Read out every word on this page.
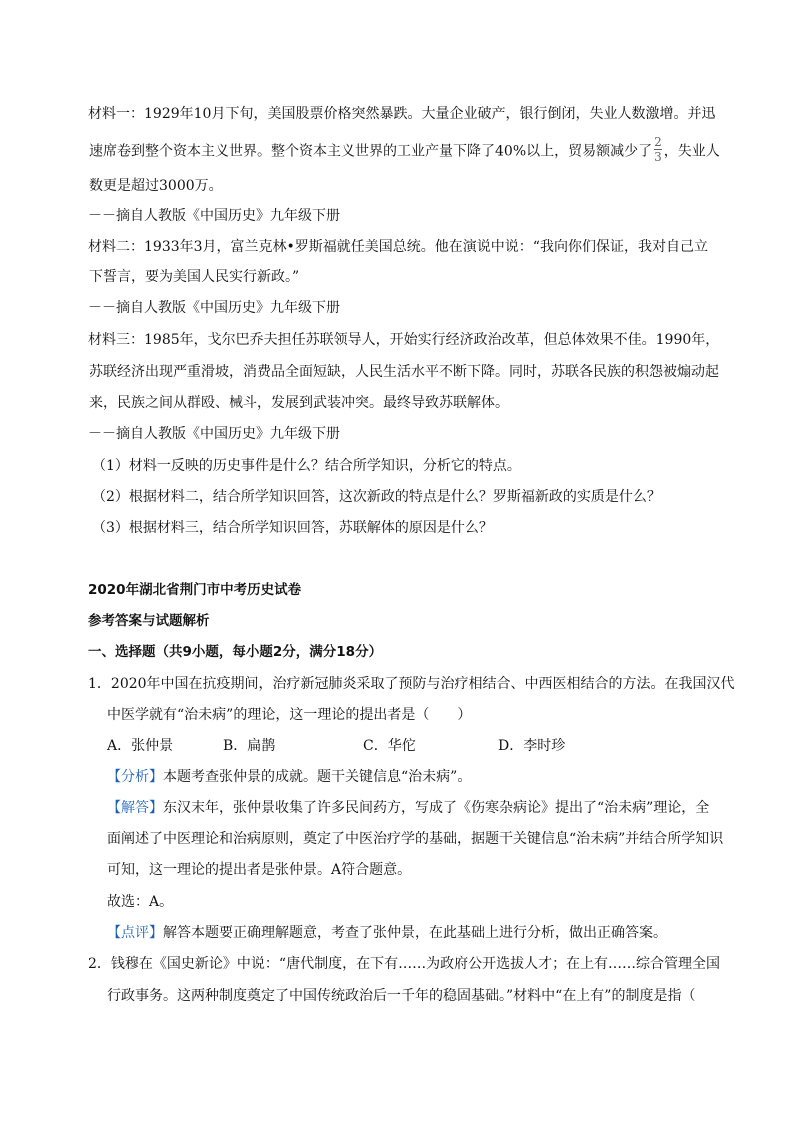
材料一：1929年10月下旬，美国股票价格突然暴跌。大量企业破产，银行倒闭，失业人数激增。并迅
速席卷到整个资本主义世界。整个资本主义世界的工业产量下降了40%以上，贸易额减少了 $\frac{2}{3}$ ，失业人
数更是超过3000万。
－－摘自人教版《中国历史》九年级下册
材料二：1933年3月，富兰克林•罗斯福就任美国总统。他在演说中说：“我向你们保证，我对自己立
下誓言，要为美国人民实行新政。”
－－摘自人教版《中国历史》九年级下册
材料三：1985年，戈尔巴乔夫担任苏联领导人，开始实行经济政治改革，但总体效果不佳。1990年，
苏联经济出现严重滑坡，消费品全面短缺，人民生活水平不断下降。同时，苏联各民族的积怨被煽动起
来，民族之间从群殴、械斗，发展到武装冲突。最终导致苏联解体。
－－摘自人教版《中国历史》九年级下册
（1）材料一反映的历史事件是什么？结合所学知识，分析它的特点。
（2）根据材料二，结合所学知识回答，这次新政的特点是什么？罗斯福新政的实质是什么？
（3）根据材料三，结合所学知识回答，苏联解体的原因是什么？
2020年湖北省荆门市中考历史试卷
参考答案与试题解析
一、选择题（共9小题，每小题2分，满分18分）
1．2020年中国在抗疫期间，治疗新冠肺炎采取了预防与治疗相结合、中西医相结合的方法。在我国汉代
中医学就有“治未病”的理论，这一理论的提出者是（　　）
A．张仲景	B．扁鹊	C．华佗	D．李时珍
【分析】本题考查张仲景的成就。题干关键信息“治未病”。
【解答】东汉末年，张仲景收集了许多民间药方，写成了《伤寒杂病论》提出了“治未病”理论，全
面阐述了中医理论和治病原则，奠定了中医治疗学的基础，据题干关键信息“治未病”并结合所学知识
可知，这一理论的提出者是张仲景。A符合题意。
故选：A。
【点评】解答本题要正确理解题意，考查了张仲景，在此基础上进行分析，做出正确答案。
2．钱穆在《国史新论》中说：“唐代制度，在下有……为政府公开选拔人才；在上有……综合管理全国
行政事务。这两种制度奠定了中国传统政治后一千年的稳固基础。”材料中“在上有”的制度是指（
